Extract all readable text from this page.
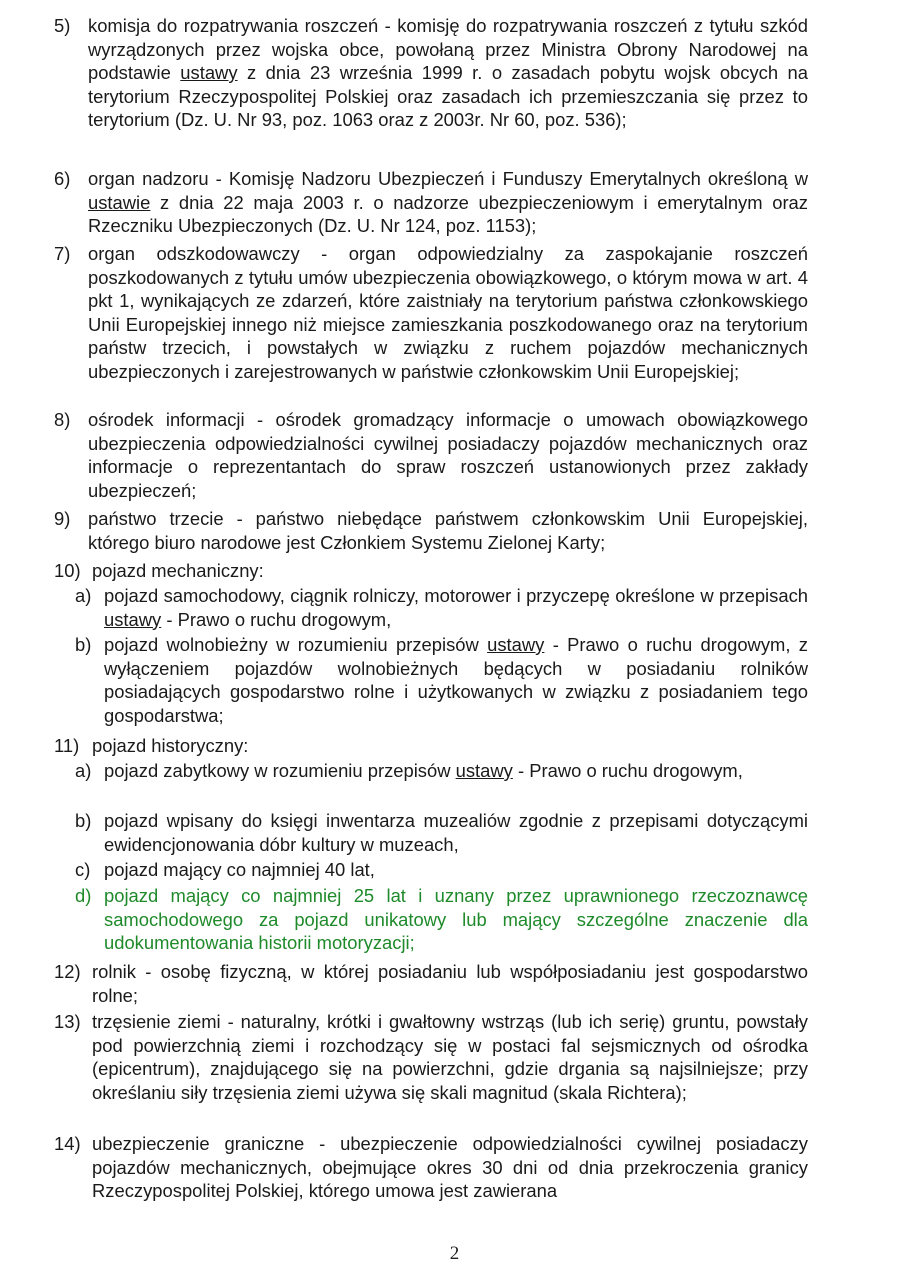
5) komisja do rozpatrywania roszczeń - komisję do rozpatrywania roszczeń z tytułu szkód wyrządzonych przez wojska obce, powołaną przez Ministra Obrony Narodowej na podstawie ustawy z dnia 23 września 1999 r. o zasadach pobytu wojsk obcych na terytorium Rzeczypospolitej Polskiej oraz zasadach ich przemieszczania się przez to terytorium (Dz. U. Nr 93, poz. 1063 oraz z 2003r. Nr 60, poz. 536);
6) organ nadzoru - Komisję Nadzoru Ubezpieczeń i Funduszy Emerytalnych określoną w ustawie z dnia 22 maja 2003 r. o nadzorze ubezpieczeniowym i emerytalnym oraz Rzeczniku Ubezpieczonych (Dz. U. Nr 124, poz. 1153);
7) organ odszkodowawczy - organ odpowiedzialny za zaspokajanie roszczeń poszkodowanych z tytułu umów ubezpieczenia obowiązkowego, o którym mowa w art. 4 pkt 1, wynikających ze zdarzeń, które zaistniały na terytorium państwa członkowskiego Unii Europejskiej innego niż miejsce zamieszkania poszkodowanego oraz na terytorium państw trzecich, i powstałych w związku z ruchem pojazdów mechanicznych ubezpieczonych i zarejestrowanych w państwie członkowskim Unii Europejskiej;
8) ośrodek informacji - ośrodek gromadzący informacje o umowach obowiązkowego ubezpieczenia odpowiedzialności cywilnej posiadaczy pojazdów mechanicznych oraz informacje o reprezentantach do spraw roszczeń ustanowionych przez zakłady ubezpieczeń;
9) państwo trzecie - państwo niebędące państwem członkowskim Unii Europejskiej, którego biuro narodowe jest Członkiem Systemu Zielonej Karty;
10) pojazd mechaniczny:
a) pojazd samochodowy, ciągnik rolniczy, motorower i przyczepę określone w przepisach ustawy - Prawo o ruchu drogowym,
b) pojazd wolnobieżny w rozumieniu przepisów ustawy - Prawo o ruchu drogowym, z wyłączeniem pojazdów wolnobieżnych będących w posiadaniu rolników posiadających gospodarstwo rolne i użytkowanych w związku z posiadaniem tego gospodarstwa;
11) pojazd historyczny:
a) pojazd zabytkowy w rozumieniu przepisów ustawy - Prawo o ruchu drogowym,
b) pojazd wpisany do księgi inwentarza muzealiów zgodnie z przepisami dotyczącymi ewidencjonowania dóbr kultury w muzeach,
c) pojazd mający co najmniej 40 lat,
d) pojazd mający co najmniej 25 lat i uznany przez uprawnionego rzeczoznawcę samochodowego za pojazd unikatowy lub mający szczególne znaczenie dla udokumentowania historii motoryzacji;
12) rolnik - osobę fizyczną, w której posiadaniu lub współposiadaniu jest gospodarstwo rolne;
13) trzęsienie ziemi - naturalny, krótki i gwałtowny wstrząs (lub ich serię) gruntu, powstały pod powierzchnią ziemi i rozchodzący się w postaci fal sejsmicznych od ośrodka (epicentrum), znajdującego się na powierzchni, gdzie drgania są najsilniejsze; przy określaniu siły trzęsienia ziemi używa się skali magnitud (skala Richtera);
14) ubezpieczenie graniczne - ubezpieczenie odpowiedzialności cywilnej posiadaczy pojazdów mechanicznych, obejmujące okres 30 dni od dnia przekroczenia granicy Rzeczypospolitej Polskiej, którego umowa jest zawierana
2
